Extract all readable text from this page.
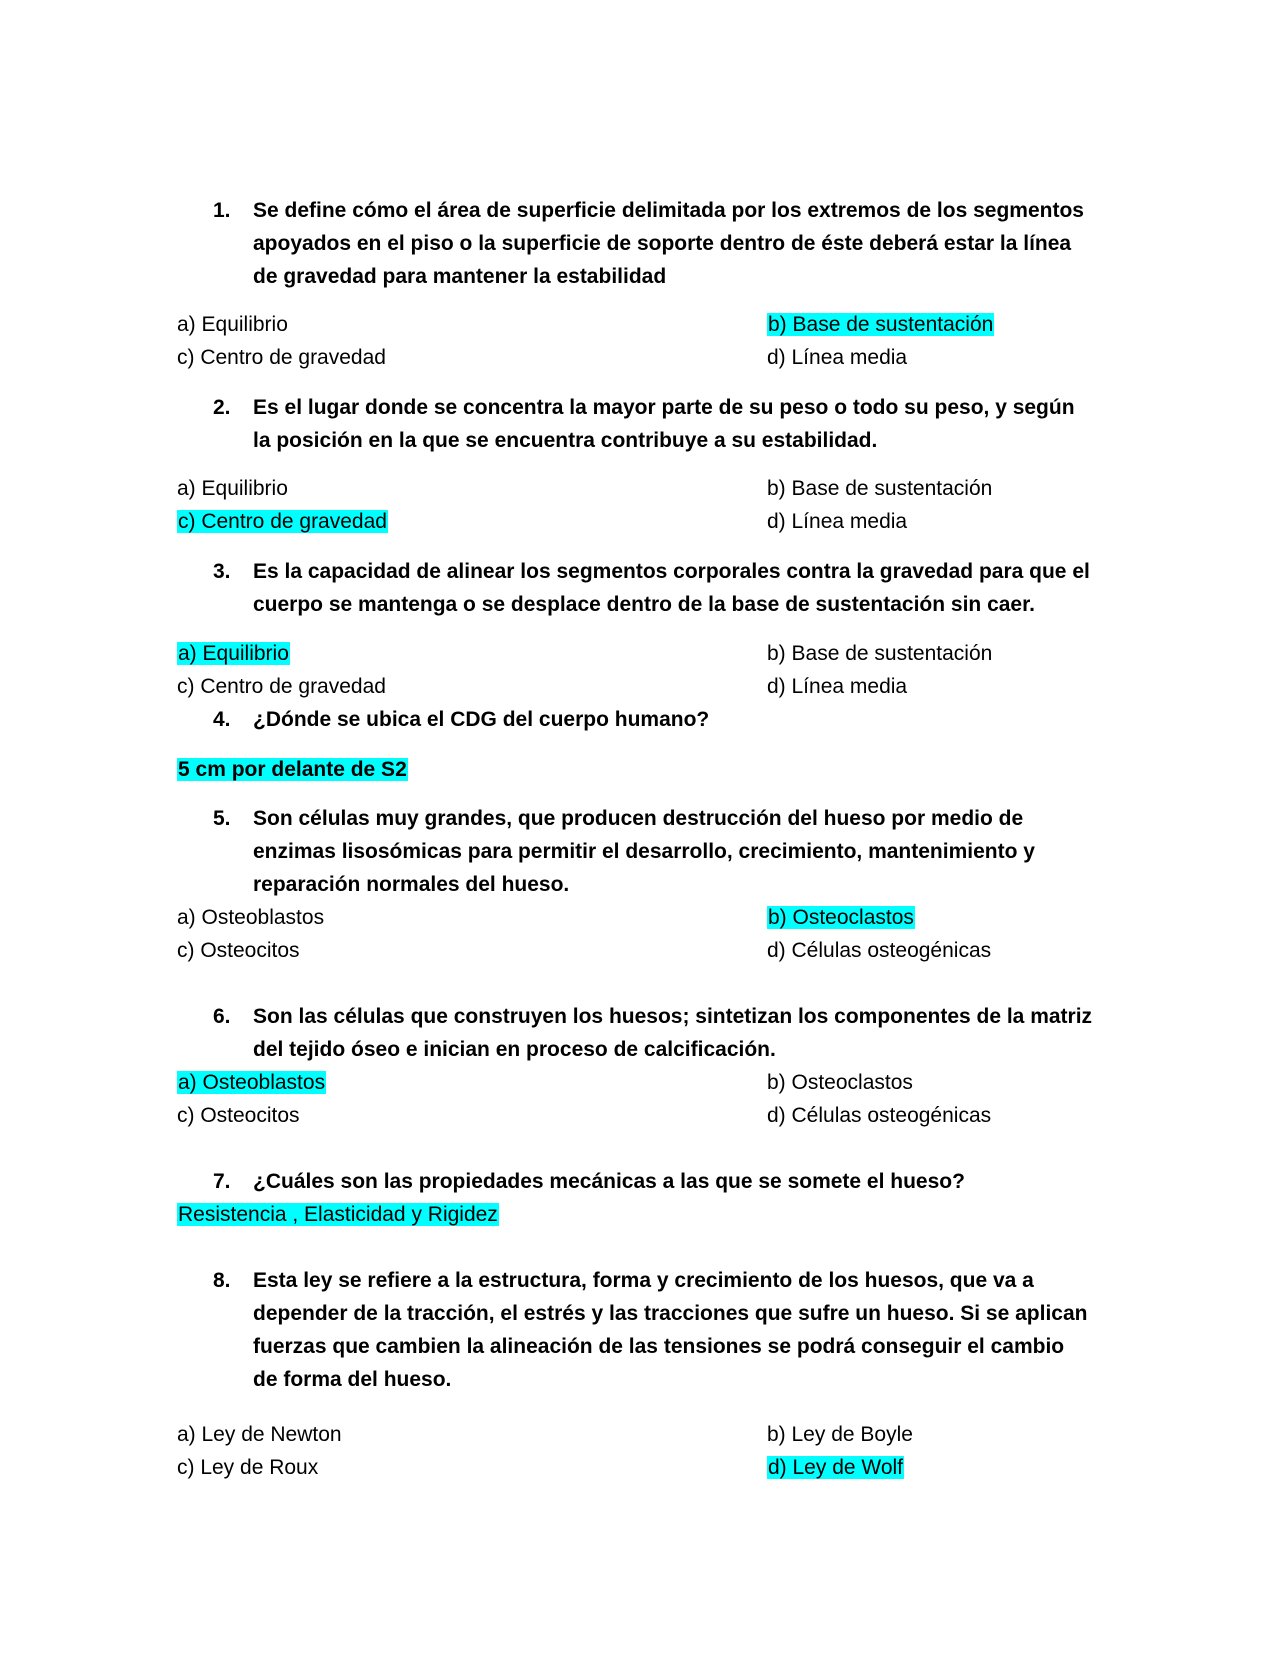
1.	Se define cómo el área de superficie delimitada por los extremos de los segmentos apoyados en el piso o la superficie de soporte dentro de éste deberá estar la línea de gravedad para mantener la estabilidad
a) Equilibrio	b) Base de sustentación
c) Centro de gravedad	d) Línea media
2.	Es el lugar donde se concentra la mayor parte de su peso o todo su peso, y según la posición en la que se encuentra contribuye a su estabilidad.
a) Equilibrio	b) Base de sustentación
c) Centro de gravedad	d) Línea media
3.	Es la capacidad de alinear los segmentos corporales contra la gravedad para que el cuerpo se mantenga o se desplace dentro de la base de sustentación sin caer.
a) Equilibrio	b) Base de sustentación
c) Centro de gravedad	d) Línea media
4.	¿Dónde se ubica el CDG del cuerpo humano?
5 cm por delante de S2
5.	Son células muy grandes, que producen destrucción del hueso por medio de enzimas lisosómicas para permitir el desarrollo, crecimiento, mantenimiento y reparación normales del hueso.
a) Osteoblastos	b) Osteoclastos
c) Osteocitos	d) Células osteogénicas
6.	Son las células que construyen los huesos; sintetizan los componentes de la matriz del tejido óseo e inician en proceso de calcificación.
a) Osteoblastos	b) Osteoclastos
c) Osteocitos	d) Células osteogénicas
7.	¿Cuáles son las propiedades mecánicas a las que se somete el hueso?
Resistencia , Elasticidad y Rigidez
8.	Esta ley se refiere a la estructura, forma y crecimiento de los huesos, que va a depender de la tracción, el estrés y las tracciones que sufre un hueso. Si se aplican fuerzas que cambien la alineación de las tensiones se podrá conseguir el cambio de forma del hueso.
a) Ley de Newton	b) Ley de Boyle
c) Ley de Roux	d) Ley de Wolf
